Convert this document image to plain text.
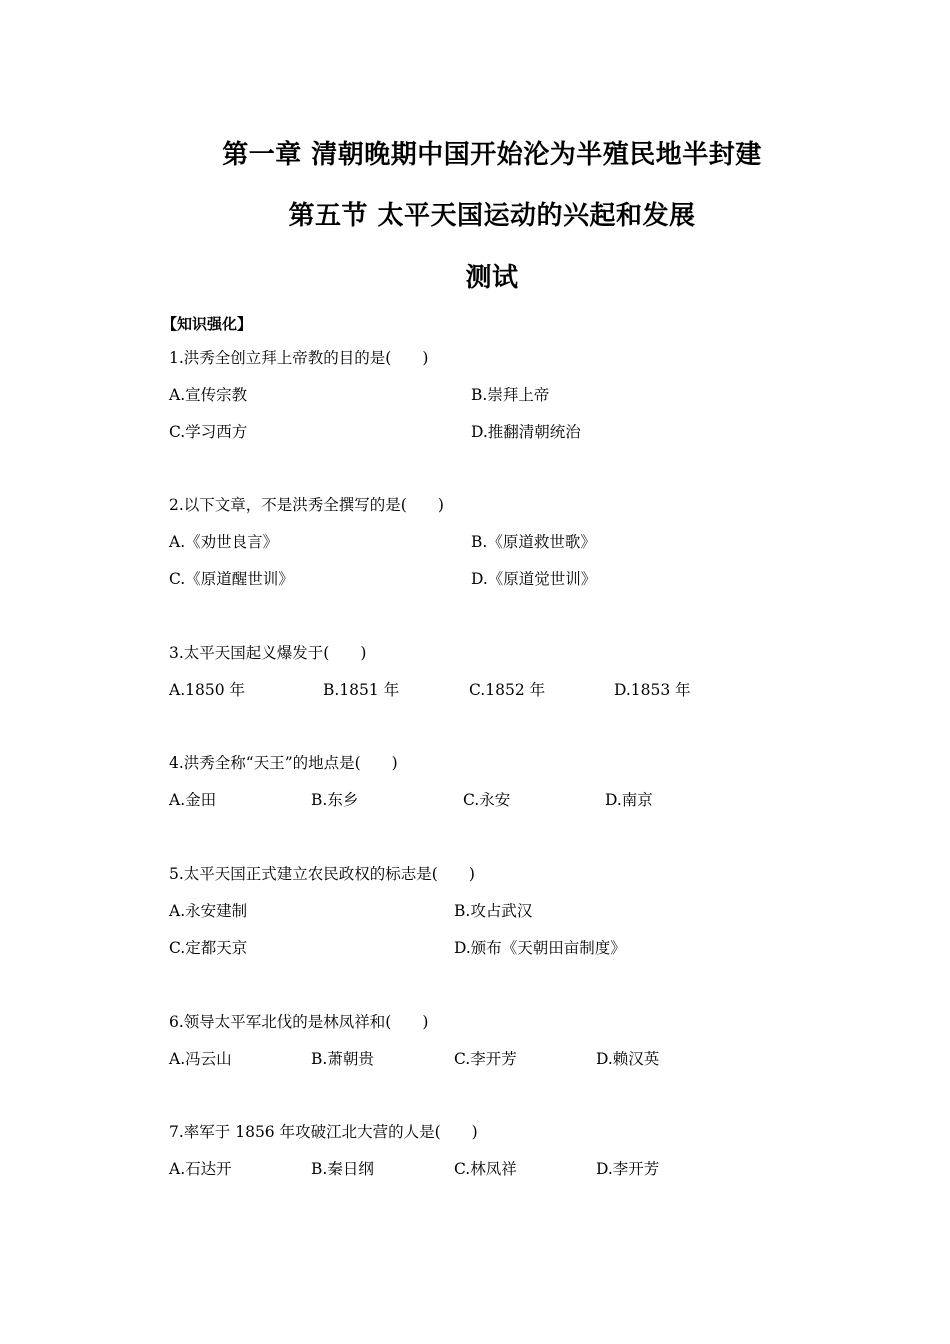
第一章 清朝晚期中国开始沦为半殖民地半封建
第五节 太平天国运动的兴起和发展
测试
【知识强化】
1.洪秀全创立拜上帝教的目的是(　　)
A.宣传宗教	B.崇拜上帝
C.学习西方	D.推翻清朝统治
2.以下文章，不是洪秀全撰写的是(　　)
A.《劝世良言》	B.《原道救世歌》
C.《原道醒世训》	D.《原道觉世训》
3.太平天国起义爆发于(　　)
A.1850 年	B.1851 年	C.1852 年	D.1853 年
4.洪秀全称“天王”的地点是(　　)
A.金田	B.东乡	C.永安	D.南京
5.太平天国正式建立农民政权的标志是(　　)
A.永安建制	B.攻占武汉
C.定都天京	D.颁布《天朝田亩制度》
6.领导太平军北伐的是林凤祥和(　　)
A.冯云山	B.萧朝贵	C.李开芳	D.赖汉英
7.率军于 1856 年攻破江北大营的人是(　　)
A.石达开	B.秦日纲	C.林凤祥	D.李开芳
